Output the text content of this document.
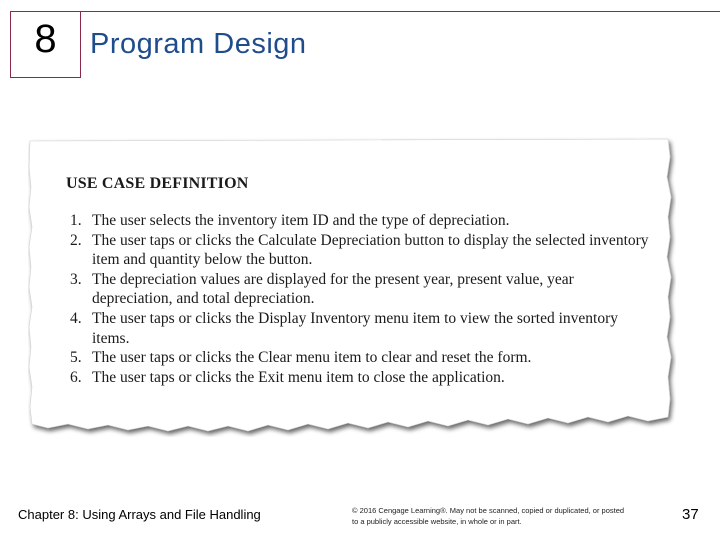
8 Program Design
USE CASE DEFINITION
1. The user selects the inventory item ID and the type of depreciation.
2. The user taps or clicks the Calculate Depreciation button to display the selected inventory item and quantity below the button.
3. The depreciation values are displayed for the present year, present value, year depreciation, and total depreciation.
4. The user taps or clicks the Display Inventory menu item to view the sorted inventory items.
5. The user taps or clicks the Clear menu item to clear and reset the form.
6. The user taps or clicks the Exit menu item to close the application.
Chapter 8: Using Arrays and File Handling	© 2016 Cengage Learning®. May not be scanned, copied or duplicated, or posted to a publicly accessible website, in whole or in part.	37
